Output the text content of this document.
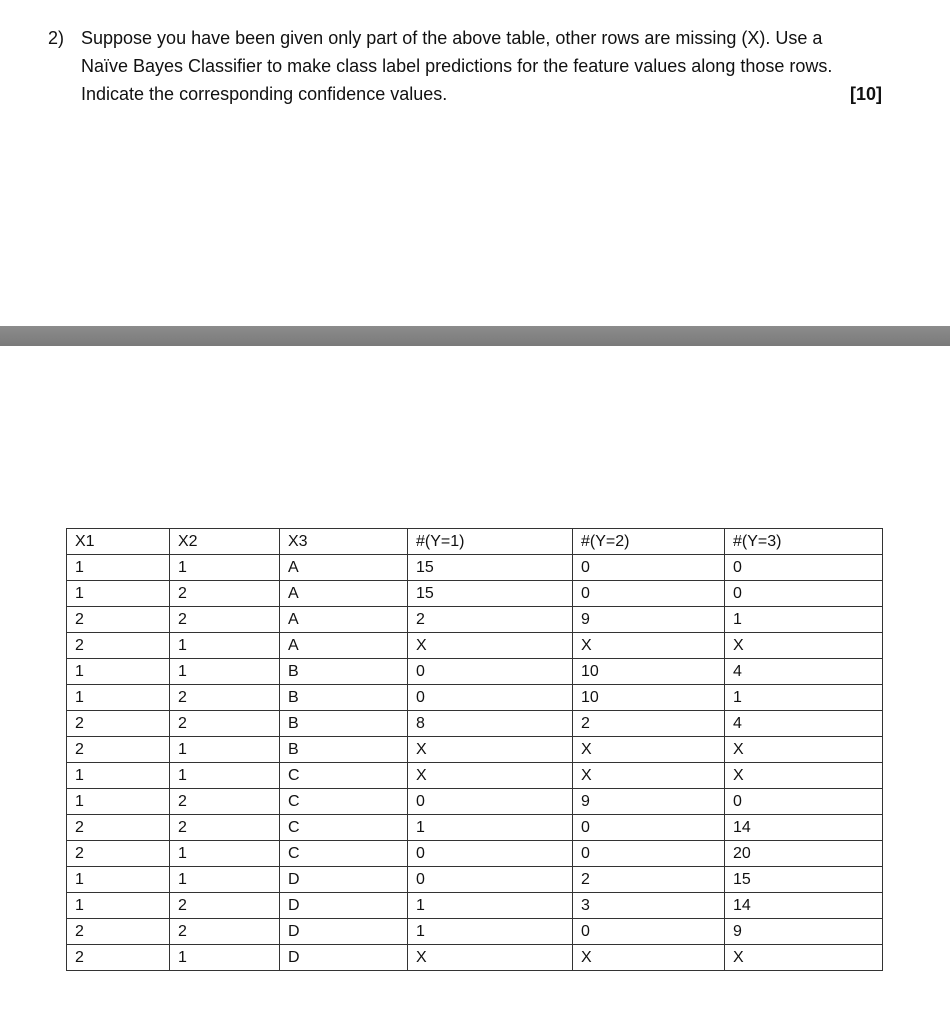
2) Suppose you have been given only part of the above table, other rows are missing (X). Use a
Naïve Bayes Classifier to make class label predictions for the feature values along those rows.
Indicate the corresponding confidence values.	[10]
X1	X2	X3	#(Y=1)	#(Y=2)	#(Y=3)
1	1	A	15	0	0
1	2	A	15	0	0
2	2	A	2	9	1
2	1	A	X	X	X
1	1	B	0	10	4
1	2	B	0	10	1
2	2	B	8	2	4
2	1	B	X	X	X
1	1	C	X	X	X
1	2	C	0	9	0
2	2	C	1	0	14
2	1	C	0	0	20
1	1	D	0	2	15
1	2	D	1	3	14
2	2	D	1	0	9
2	1	D	X	X	X
